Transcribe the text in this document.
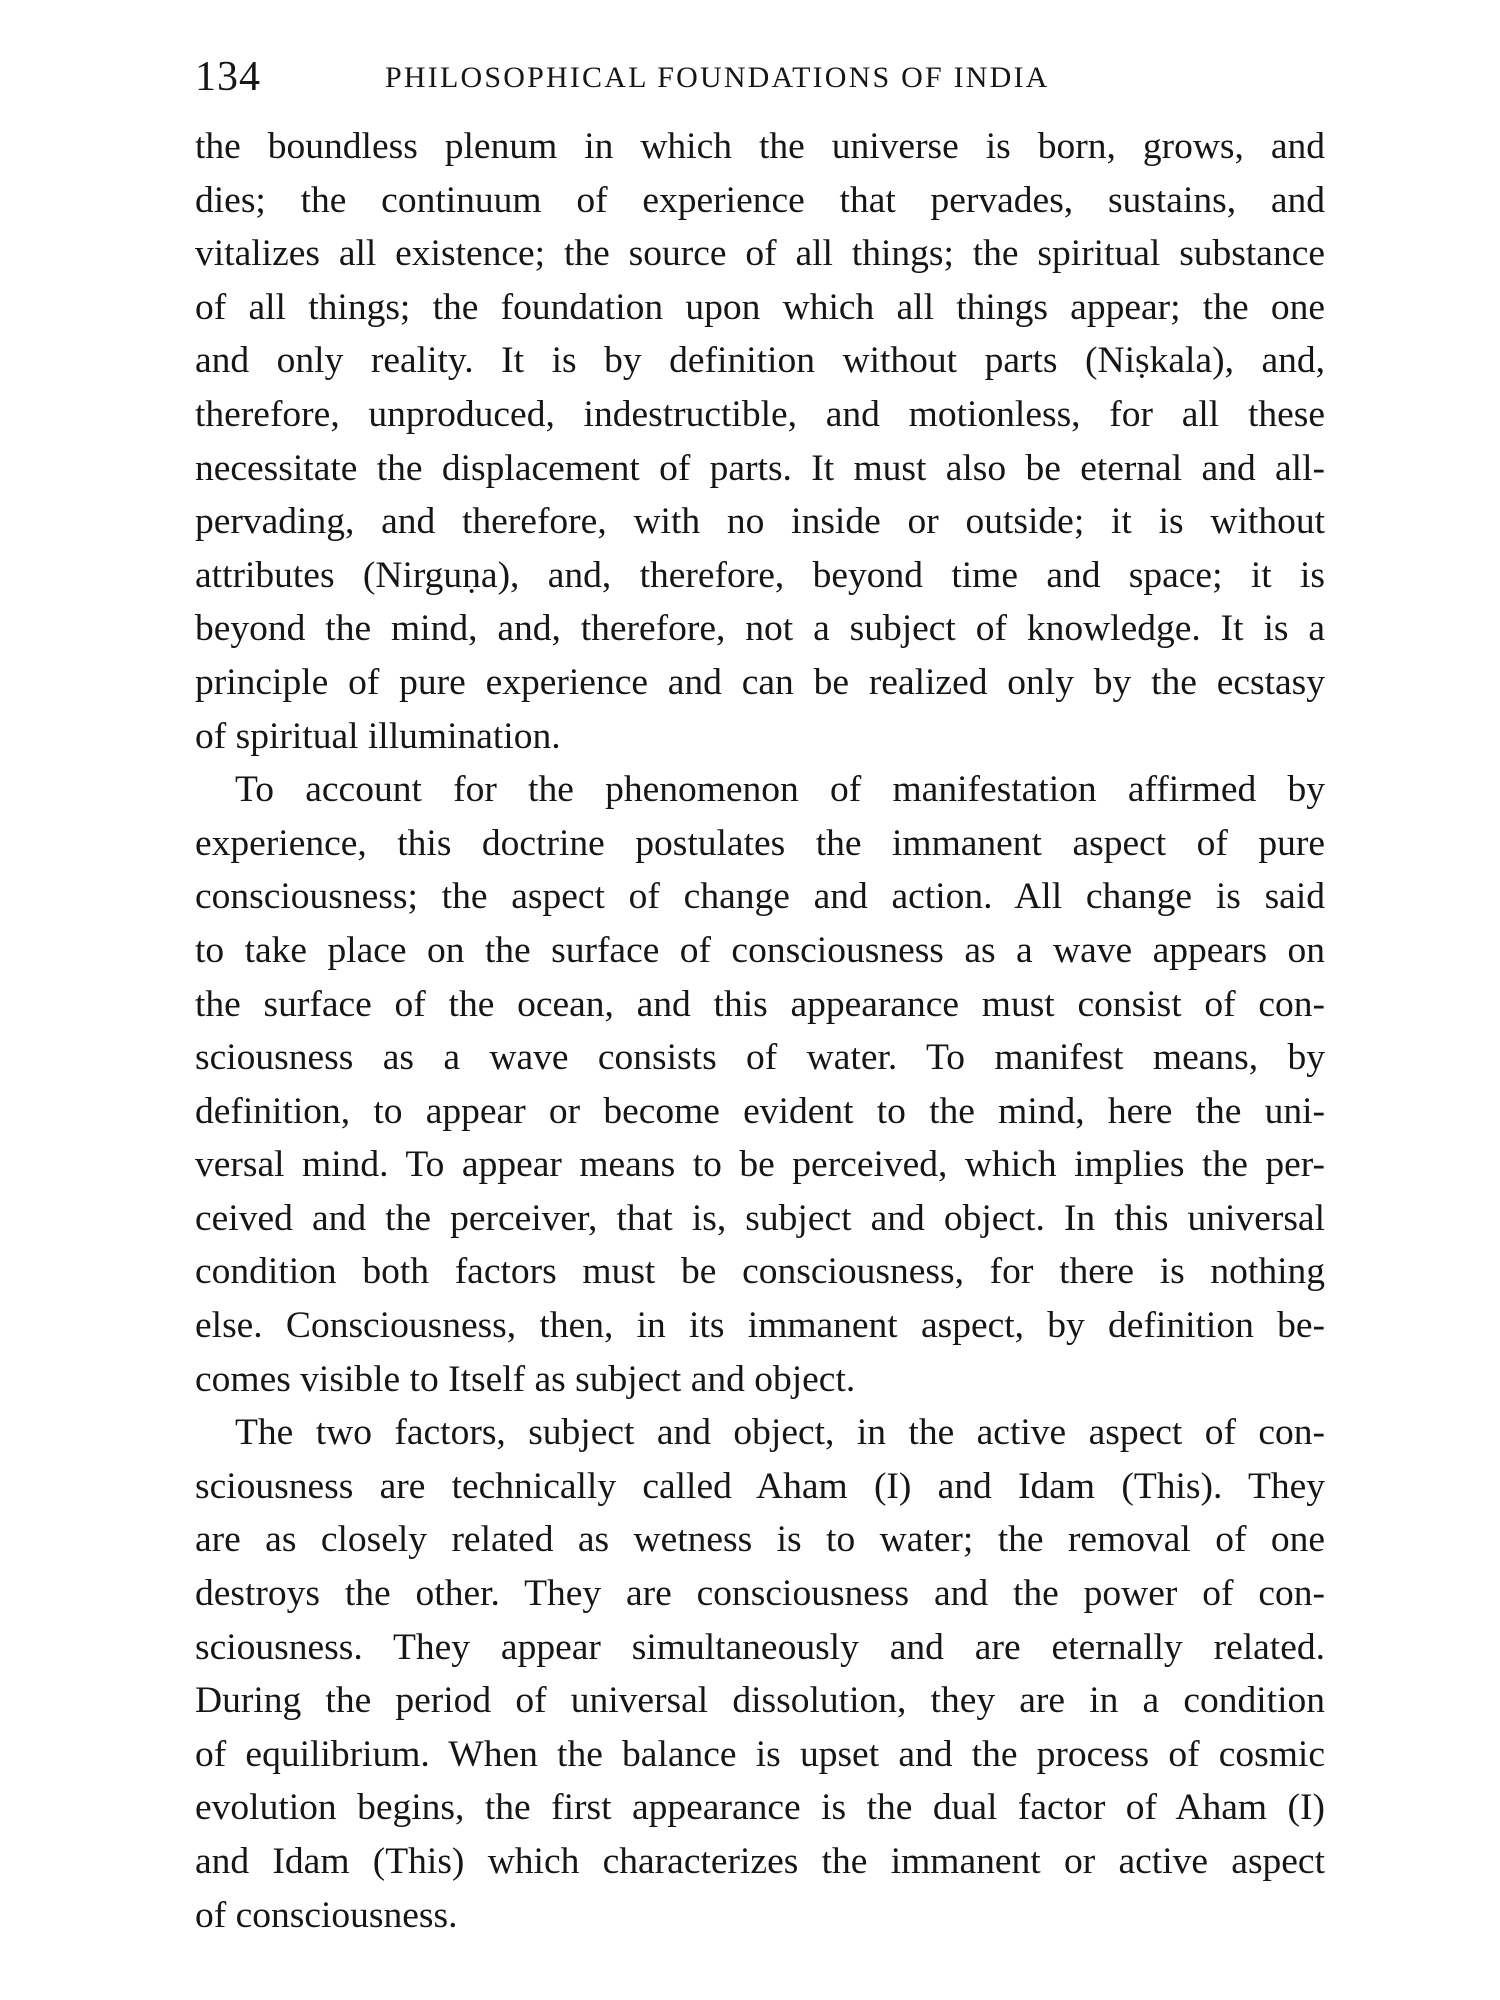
134	PHILOSOPHICAL FOUNDATIONS OF INDIA
the boundless plenum in which the universe is born, grows, and
dies; the continuum of experience that pervades, sustains, and
vitalizes all existence; the source of all things; the spiritual substance
of all things; the foundation upon which all things appear; the one
and only reality. It is by definition without parts (Niṣkala), and,
therefore, unproduced, indestructible, and motionless, for all these
necessitate the displacement of parts. It must also be eternal and all-
pervading, and therefore, with no inside or outside; it is without
attributes (Nirguṇa), and, therefore, beyond time and space; it is
beyond the mind, and, therefore, not a subject of knowledge. It is a
principle of pure experience and can be realized only by the ecstasy
of spiritual illumination.
To account for the phenomenon of manifestation affirmed by
experience, this doctrine postulates the immanent aspect of pure
consciousness; the aspect of change and action. All change is said
to take place on the surface of consciousness as a wave appears on
the surface of the ocean, and this appearance must consist of con-
sciousness as a wave consists of water. To manifest means, by
definition, to appear or become evident to the mind, here the uni-
versal mind. To appear means to be perceived, which implies the per-
ceived and the perceiver, that is, subject and object. In this universal
condition both factors must be consciousness, for there is nothing
else. Consciousness, then, in its immanent aspect, by definition be-
comes visible to Itself as subject and object.
The two factors, subject and object, in the active aspect of con-
sciousness are technically called Aham (I) and Idam (This). They
are as closely related as wetness is to water; the removal of one
destroys the other. They are consciousness and the power of con-
sciousness. They appear simultaneously and are eternally related.
During the period of universal dissolution, they are in a condition
of equilibrium. When the balance is upset and the process of cosmic
evolution begins, the first appearance is the dual factor of Aham (I)
and Idam (This) which characterizes the immanent or active aspect
of consciousness.
